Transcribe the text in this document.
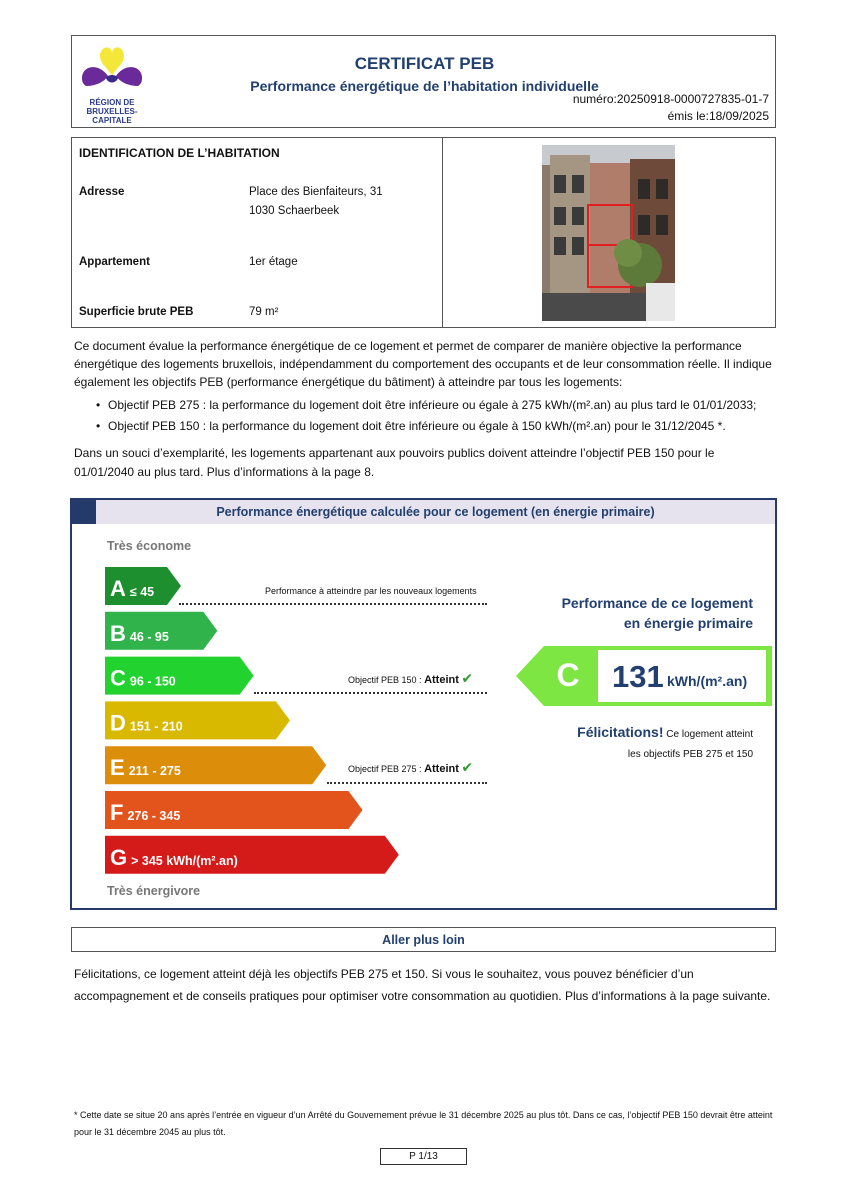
RÉGION DE
BRUXELLES-
CAPITALE
CERTIFICAT PEB
Performance énergétique de l’habitation individuelle
numéro:20250918-0000727835-01-7
émis le:18/09/2025
IDENTIFICATION DE L’HABITATION
Adresse	Place des Bienfaiteurs, 31
1030 Schaerbeek
Appartement	1er étage
Superficie brute PEB	79 m²
Ce document évalue la performance énergétique de ce logement et permet de comparer de manière objective la performance énergétique des logements bruxellois, indépendamment du comportement des occupants et de leur consommation réelle. Il indique également les objectifs PEB (performance énergétique du bâtiment) à atteindre par tous les logements:
• Objectif PEB 275 : la performance du logement doit être inférieure ou égale à 275 kWh/(m².an) au plus tard le 01/01/2033;
• Objectif PEB 150 : la performance du logement doit être inférieure ou égale à 150 kWh/(m².an) pour le 31/12/2045 *.
Dans un souci d’exemplarité, les logements appartenant aux pouvoirs publics doivent atteindre l’objectif PEB 150 pour le 01/01/2040 au plus tard. Plus d’informations à la page 8.
Performance énergétique calculée pour ce logement (en énergie primaire)
Très économe
A ≤ 45
B 46 - 95
C 96 - 150
D 151 - 210
E 211 - 275
F 276 - 345
G > 345 kWh/(m².an)
Performance à atteindre par les nouveaux logements
Objectif PEB 150 : Atteint ✔
Objectif PEB 275 : Atteint ✔
Très énergivore
Performance de ce logement
en énergie primaire
C 131 kWh/(m².an)
Félicitations! Ce logement atteint
les objectifs PEB 275 et 150
Aller plus loin
Félicitations, ce logement atteint déjà les objectifs PEB 275 et 150. Si vous le souhaitez, vous pouvez bénéficier d’un accompagnement et de conseils pratiques pour optimiser votre consommation au quotidien. Plus d’informations à la page suivante.
* Cette date se situe 20 ans après l’entrée en vigueur d’un Arrêté du Gouvernement prévue le 31 décembre 2025 au plus tôt. Dans ce cas, l’objectif PEB 150 devrait être atteint pour le 31 décembre 2045 au plus tôt.
P 1/13
